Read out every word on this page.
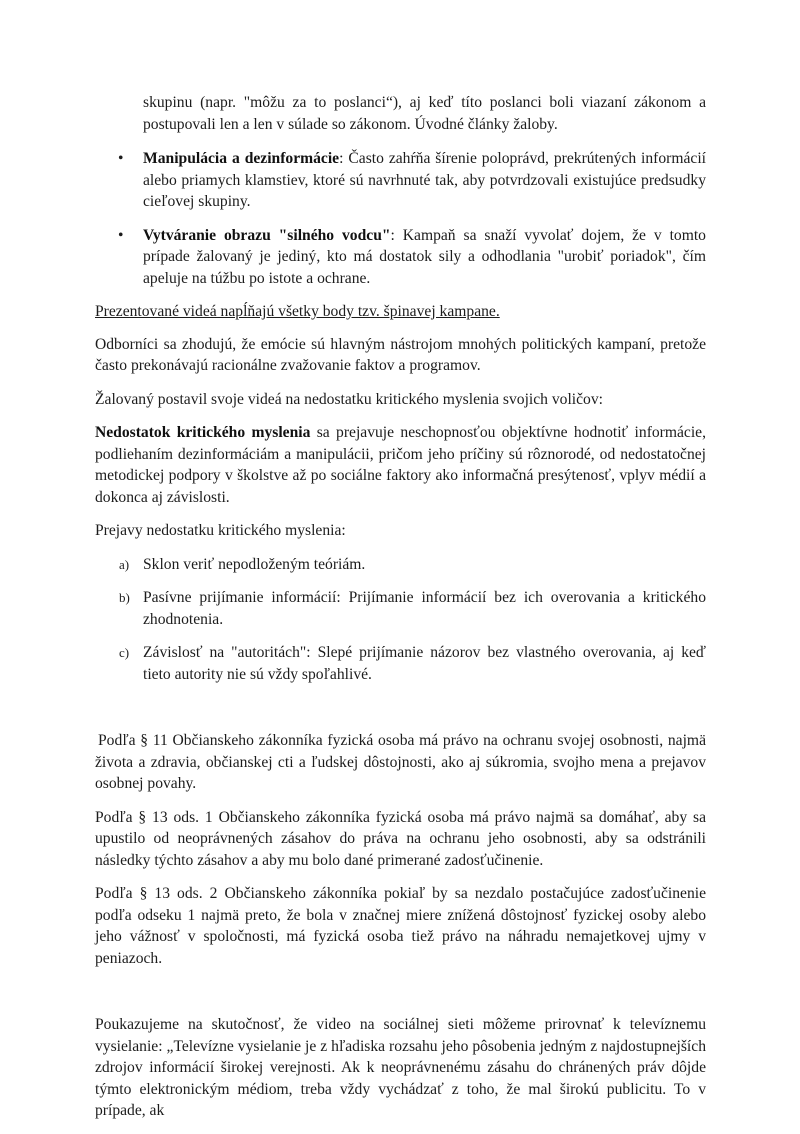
skupinu (napr. "môžu za to poslanci“), aj keď títo poslanci boli viazaní zákonom a postupovali len a len v súlade so zákonom. Úvodné články žaloby.

• Manipulácia a dezinformácie: Často zahŕňa šírenie poloprávd, prekrútených informácií alebo priamych klamstiev, ktoré sú navrhnuté tak, aby potvrdzovali existujúce predsudky cieľovej skupiny.
• Vytváranie obrazu "silného vodcu": Kampaň sa snaží vyvolať dojem, že v tomto prípade žalovaný je jediný, kto má dostatok sily a odhodlania "urobiť poriadok", čím apeluje na túžbu po istote a ochrane.

Prezentované videá napĺňajú všetky body tzv. špinavej kampane.

Odborníci sa zhodujú, že emócie sú hlavným nástrojom mnohých politických kampaní, pretože často prekonávajú racionálne zvažovanie faktov a programov.

Žalovaný postavil svoje videá na nedostatku kritického myslenia svojich voličov:

Nedostatok kritického myslenia sa prejavuje neschopnosťou objektívne hodnotiť informácie, podliehaním dezinformáciám a manipulácii, pričom jeho príčiny sú rôznorodé, od nedostatočnej metodickej podpory v školstve až po sociálne faktory ako informačná presýtenosť, vplyv médií a dokonca aj závislosti.

Prejavy nedostatku kritického myslenia:

a) Sklon veriť nepodloženým teóriám.
b) Pasívne prijímanie informácií: Prijímanie informácií bez ich overovania a kritického zhodnotenia.
c) Závislosť na "autoritách": Slepé prijímanie názorov bez vlastného overovania, aj keď tieto autority nie sú vždy spoľahlivé.

Podľa § 11 Občianskeho zákonníka fyzická osoba má právo na ochranu svojej osobnosti, najmä života a zdravia, občianskej cti a ľudskej dôstojnosti, ako aj súkromia, svojho mena a prejavov osobnej povahy.

Podľa § 13 ods. 1 Občianskeho zákonníka fyzická osoba má právo najmä sa domáhať, aby sa upustilo od neoprávnených zásahov do práva na ochranu jeho osobnosti, aby sa odstránili následky týchto zásahov a aby mu bolo dané primerané zadosťučinenie.

Podľa § 13 ods. 2 Občianskeho zákonníka pokiaľ by sa nezdalo postačujúce zadosťučinenie podľa odseku 1 najmä preto, že bola v značnej miere znížená dôstojnosť fyzickej osoby alebo jeho vážnosť v spoločnosti, má fyzická osoba tiež právo na náhradu nemajetkovej ujmy v peniazoch.

Poukazujeme na skutočnosť, že video na sociálnej sieti môžeme prirovnať k televíznemu vysielanie: „Televízne vysielanie je z hľadiska rozsahu jeho pôsobenia jedným z najdostupnejších zdrojov informácií širokej verejnosti. Ak k neoprávnenému zásahu do chránených práv dôjde týmto elektronickým médiom, treba vždy vychádzať z toho, že mal širokú publicitu. To v prípade, ak
